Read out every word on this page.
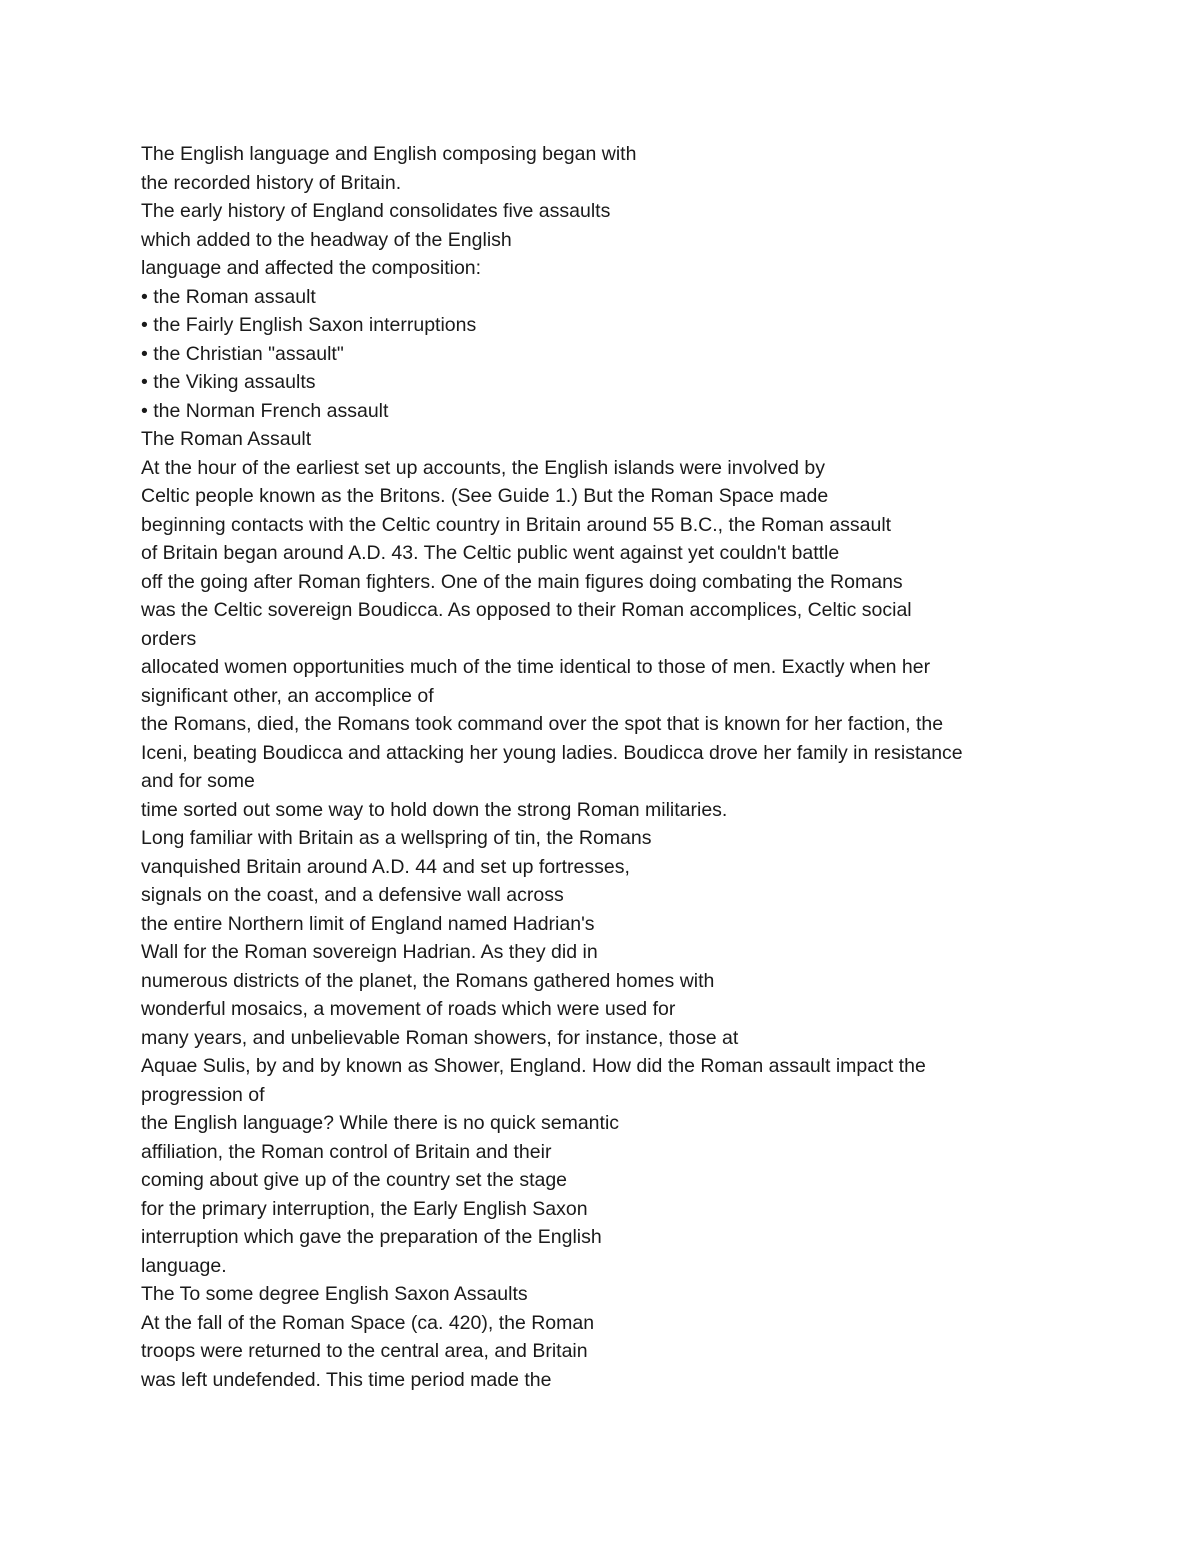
The English language and English composing began with
the recorded history of Britain.
The early history of England consolidates five assaults
which added to the headway of the English
language and affected the composition:
• the Roman assault
• the Fairly English Saxon interruptions
• the Christian "assault"
• the Viking assaults
• the Norman French assault
The Roman Assault
At the hour of the earliest set up accounts, the English islands were involved by
Celtic people known as the Britons. (See Guide 1.) But the Roman Space made
beginning contacts with the Celtic country in Britain around 55 B.C., the Roman assault
of Britain began around A.D. 43. The Celtic public went against yet couldn't battle
off the going after Roman fighters. One of the main figures doing combating the Romans
was the Celtic sovereign Boudicca. As opposed to their Roman accomplices, Celtic social
orders
allocated women opportunities much of the time identical to those of men. Exactly when her
significant other, an accomplice of
the Romans, died, the Romans took command over the spot that is known for her faction, the
Iceni, beating Boudicca and attacking her young ladies. Boudicca drove her family in resistance
and for some
time sorted out some way to hold down the strong Roman militaries.
Long familiar with Britain as a wellspring of tin, the Romans
vanquished Britain around A.D. 44 and set up fortresses,
signals on the coast, and a defensive wall across
the entire Northern limit of England named Hadrian's
Wall for the Roman sovereign Hadrian. As they did in
numerous districts of the planet, the Romans gathered homes with
wonderful mosaics, a movement of roads which were used for
many years, and unbelievable Roman showers, for instance, those at
Aquae Sulis, by and by known as Shower, England. How did the Roman assault impact the
progression of
the English language? While there is no quick semantic
affiliation, the Roman control of Britain and their
coming about give up of the country set the stage
for the primary interruption, the Early English Saxon
interruption which gave the preparation of the English
language.
The To some degree English Saxon Assaults
At the fall of the Roman Space (ca. 420), the Roman
troops were returned to the central area, and Britain
was left undefended. This time period made the
